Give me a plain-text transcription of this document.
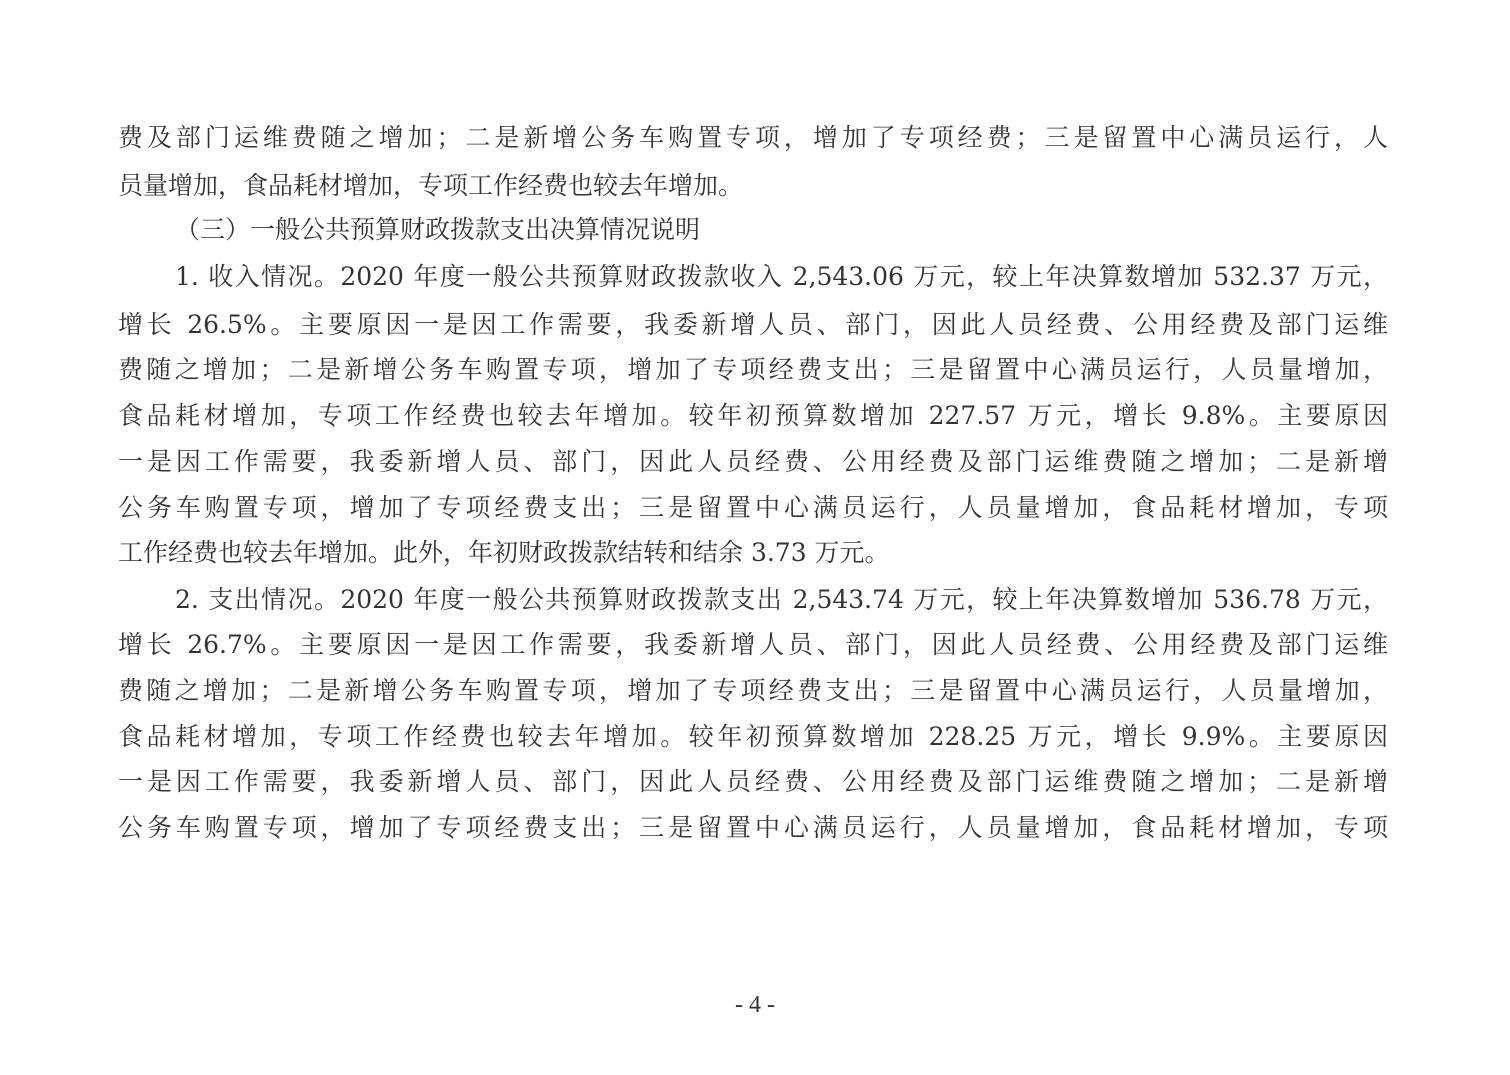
费及部门运维费随之增加；二是新增公务车购置专项，增加了专项经费；三是留置中心满员运行，人
员量增加，食品耗材增加，专项工作经费也较去年增加。
（三）一般公共预算财政拨款支出决算情况说明
1. 收入情况。2020 年度一般公共预算财政拨款收入 2,543.06 万元，较上年决算数增加 532.37 万元，
增长 26.5%。主要原因一是因工作需要，我委新增人员、部门，因此人员经费、公用经费及部门运维
费随之增加；二是新增公务车购置专项，增加了专项经费支出；三是留置中心满员运行，人员量增加，
食品耗材增加，专项工作经费也较去年增加。较年初预算数增加 227.57 万元，增长 9.8%。主要原因
一是因工作需要，我委新增人员、部门，因此人员经费、公用经费及部门运维费随之增加；二是新增
公务车购置专项，增加了专项经费支出；三是留置中心满员运行，人员量增加，食品耗材增加，专项
工作经费也较去年增加。此外，年初财政拨款结转和结余 3.73 万元。
2. 支出情况。2020 年度一般公共预算财政拨款支出 2,543.74 万元，较上年决算数增加 536.78 万元，
增长 26.7%。主要原因一是因工作需要，我委新增人员、部门，因此人员经费、公用经费及部门运维
费随之增加；二是新增公务车购置专项，增加了专项经费支出；三是留置中心满员运行，人员量增加，
食品耗材增加，专项工作经费也较去年增加。较年初预算数增加 228.25 万元，增长 9.9%。主要原因
一是因工作需要，我委新增人员、部门，因此人员经费、公用经费及部门运维费随之增加；二是新增
公务车购置专项，增加了专项经费支出；三是留置中心满员运行，人员量增加，食品耗材增加，专项
- 4 -
